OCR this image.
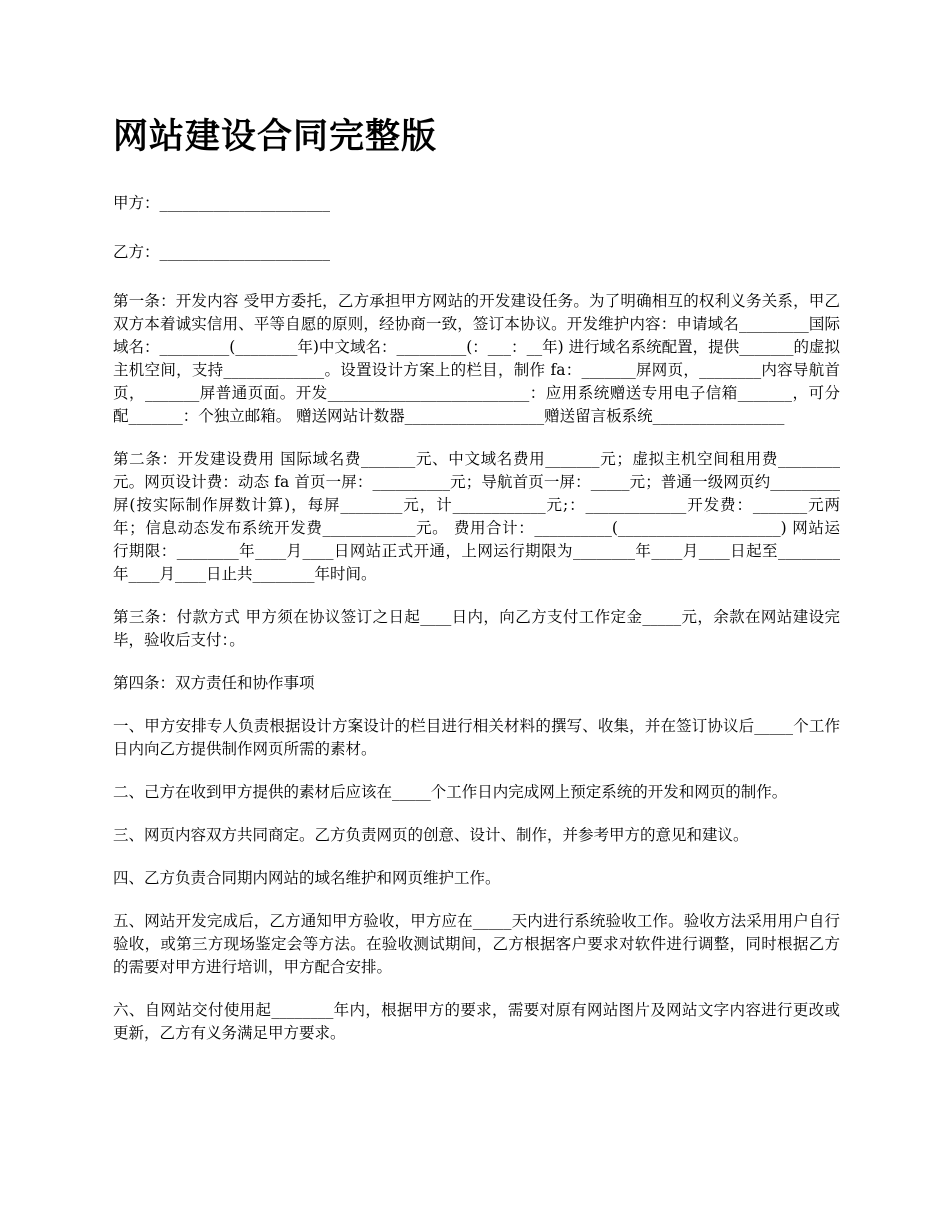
网站建设合同完整版

甲方：______________________

乙方：______________________

第一条：开发内容 受甲方委托，乙方承担甲方网站的开发建设任务。为了明确相互的权利义务关系，甲乙双方本着诚实信用、平等自愿的原则，经协商一致，签订本协议。开发维护内容：申请域名_________国际域名：_________(________年)中文域名：_________(：___：__年) 进行域名系统配置，提供_______的虚拟主机空间，支持_____________。设置设计方案上的栏目，制作 fa：_______屏网页，________内容导航首页，_______屏普通页面。开发__________________________：应用系统赠送专用电子信箱_______，可分配_______：个独立邮箱。 赠送网站计数器__________________赠送留言板系统_________________

第二条：开发建设费用 国际域名费_______元、中文域名费用_______元；虚拟主机空间租用费________元。网页设计费：动态 fa 首页一屏：__________元；导航首页一屏：_____元；普通一级网页约_________屏(按实际制作屏数计算)，每屏________元，计____________元;：_____________开发费：_______元两年；信息动态发布系统开发费____________元。 费用合计：__________(_____________________) 网站运行期限：________年____月____日网站正式开通，上网运行期限为________年____月____日起至________年____月____日止共________年时间。

第三条：付款方式 甲方须在协议签订之日起____日内，向乙方支付工作定金_____元，余款在网站建设完毕，验收后支付：。

第四条：双方责任和协作事项

一、甲方安排专人负责根据设计方案设计的栏目进行相关材料的撰写、收集，并在签订协议后_____个工作日内向乙方提供制作网页所需的素材。

二、己方在收到甲方提供的素材后应该在_____个工作日内完成网上预定系统的开发和网页的制作。

三、网页内容双方共同商定。乙方负责网页的创意、设计、制作，并参考甲方的意见和建议。

四、乙方负责合同期内网站的域名维护和网页维护工作。

五、网站开发完成后，乙方通知甲方验收，甲方应在_____天内进行系统验收工作。验收方法采用用户自行验收，或第三方现场鉴定会等方法。在验收测试期间，乙方根据客户要求对软件进行调整，同时根据乙方的需要对甲方进行培训，甲方配合安排。

六、自网站交付使用起________年内，根据甲方的要求，需要对原有网站图片及网站文字内容进行更改或更新，乙方有义务满足甲方要求。
